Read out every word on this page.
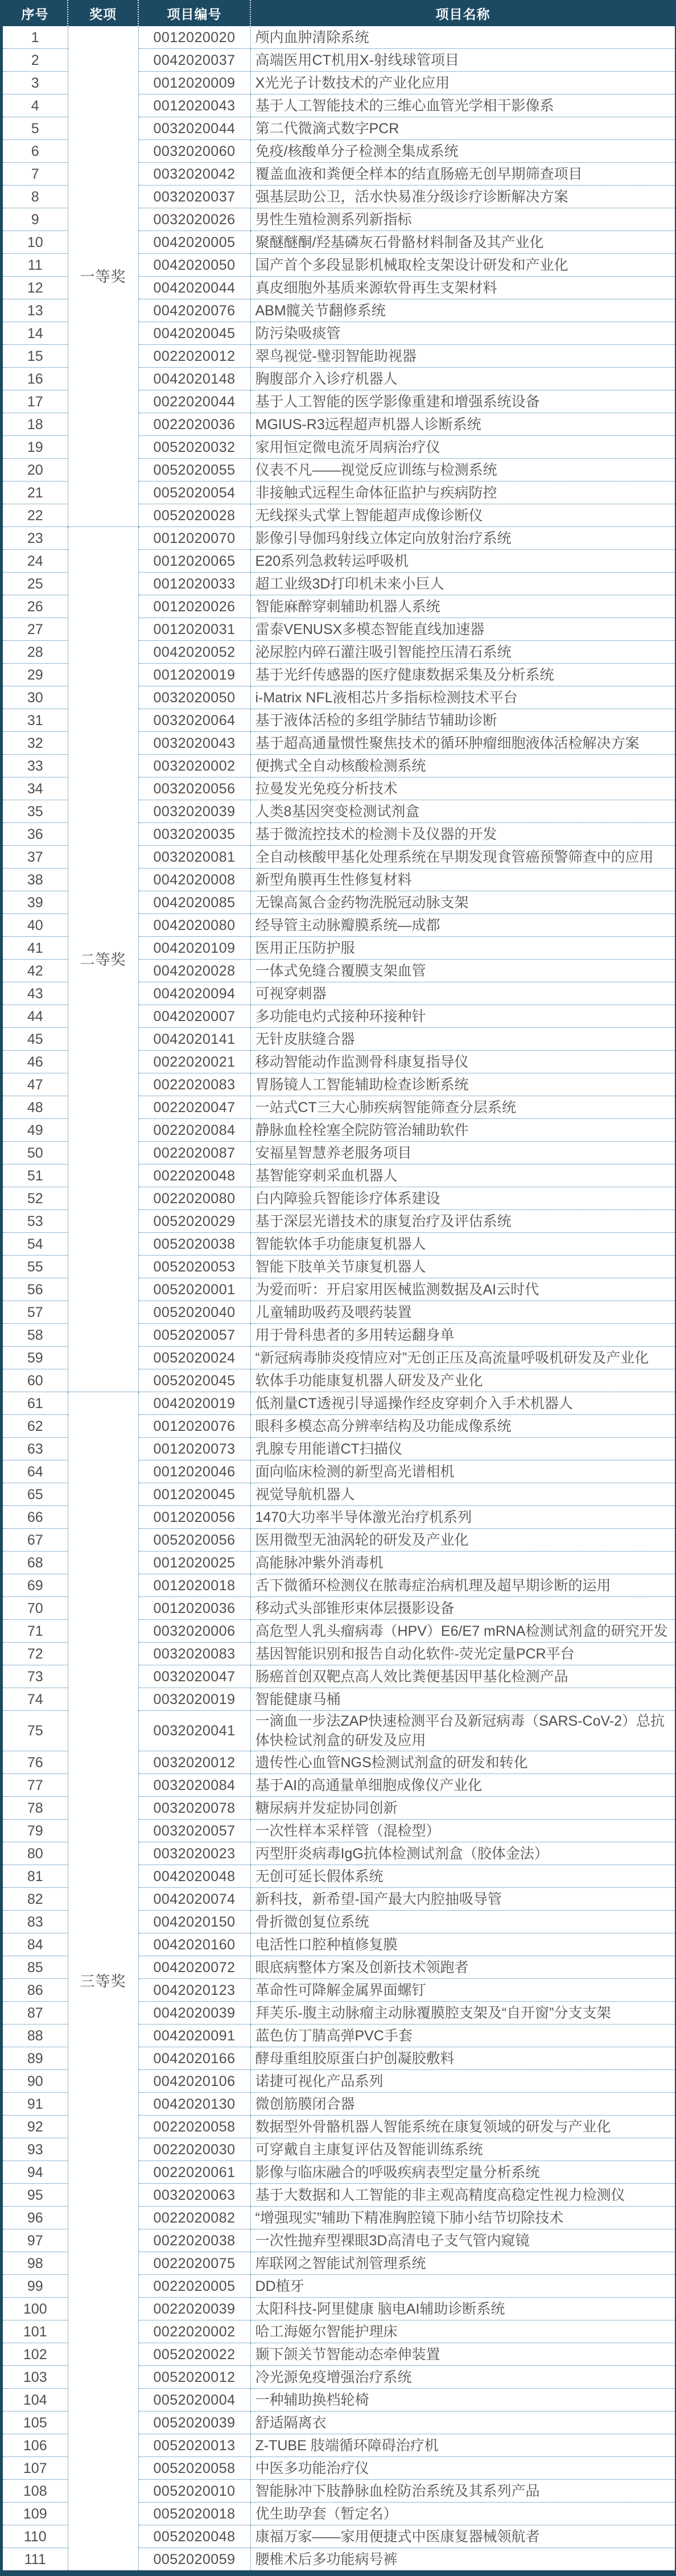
序号	奖项	项目编号	项目名称
1	一等奖	0012020020	颅内血肿清除系统
2		0042020037	高端医用CT机用X-射线球管项目
3		0012020009	X光光子计数技术的产业化应用
4		0012020043	基于人工智能技术的三维心血管光学相干影像系
5		0032020044	第二代微滴式数字PCR
6		0032020060	免疫/核酸单分子检测全集成系统
7		0032020042	覆盖血液和粪便全样本的结直肠癌无创早期筛查项目
8		0032020037	强基层助公卫，活水快易准分级诊疗诊断解决方案
9		0032020026	男性生殖检测系列新指标
10		0042020005	聚醚醚酮/羟基磷灰石骨骼材料制备及其产业化
11		0042020050	国产首个多段显影机械取栓支架设计研发和产业化
12		0042020044	真皮细胞外基质来源软骨再生支架材料
13		0042020076	ABM髋关节翻修系统
14		0042020045	防污染吸痰管
15		0022020012	翠鸟视觉-璧羽智能助视器
16		0042020148	胸腹部介入诊疗机器人
17		0022020044	基于人工智能的医学影像重建和增强系统设备
18		0022020036	MGIUS-R3远程超声机器人诊断系统
19		0052020032	家用恒定微电流牙周病治疗仪
20		0052020055	仪表不凡——视觉反应训练与检测系统
21		0052020054	非接触式远程生命体征监护与疾病防控
22		0052020028	无线探头式掌上智能超声成像诊断仪
23	二等奖	0012020070	影像引导伽玛射线立体定向放射治疗系统
24		0012020065	E20系列急救转运呼吸机
25		0012020033	超工业级3D打印机未来小巨人
26		0012020026	智能麻醉穿刺辅助机器人系统
27		0012020031	雷泰VENUSX多模态智能直线加速器
28		0042020052	泌尿腔内碎石灌注吸引智能控压清石系统
29		0012020019	基于光纤传感器的医疗健康数据采集及分析系统
30		0032020050	i-Matrix NFL液相芯片多指标检测技术平台
31		0032020064	基于液体活检的多组学肺结节辅助诊断
32		0032020043	基于超高通量惯性聚焦技术的循环肿瘤细胞液体活检解决方案
33		0032020002	便携式全自动核酸检测系统
34		0032020056	拉曼发光免疫分析技术
35		0032020039	人类8基因突变检测试剂盒
36		0032020035	基于微流控技术的检测卡及仪器的开发
37		0032020081	全自动核酸甲基化处理系统在早期发现食管癌预警筛查中的应用
38		0042020008	新型角膜再生性修复材料
39		0042020085	无镍高氮合金药物洗脱冠动脉支架
40		0042020080	经导管主动脉瓣膜系统—成都
41		0042020109	医用正压防护服
42		0042020028	一体式免缝合覆膜支架血管
43		0042020094	可视穿刺器
44		0042020007	多功能电灼式接种环接种针
45		0042020141	无针皮肤缝合器
46		0022020021	移动智能动作监测骨科康复指导仪
47		0022020083	胃肠镜人工智能辅助检查诊断系统
48		0022020047	一站式CT三大心肺疾病智能筛查分层系统
49		0022020084	静脉血栓栓塞全院防管治辅助软件
50		0022020087	安福星智慧养老服务项目
51		0022020048	基智能穿刺采血机器人
52		0022020080	白内障验兵智能诊疗体系建设
53		0052020029	基于深层光谱技术的康复治疗及评估系统
54		0052020038	智能软体手功能康复机器人
55		0052020053	智能下肢单关节康复机器人
56		0052020001	为爱而听：开启家用医械监测数据及AI云时代
57		0052020040	儿童辅助吸药及喂药装置
58		0052020057	用于骨科患者的多用转运翻身单
59		0052020024	“新冠病毒肺炎疫情应对”无创正压及高流量呼吸机研发及产业化
60		0052020045	软体手功能康复机器人研发及产业化
61	三等奖	0042020019	低剂量CT透视引导遥操作经皮穿刺介入手术机器人
62		0012020076	眼科多模态高分辨率结构及功能成像系统
63		0012020073	乳腺专用能谱CT扫描仪
64		0012020046	面向临床检测的新型高光谱相机
65		0012020045	视觉导航机器人
66		0012020056	1470大功率半导体激光治疗机系列
67		0052020056	医用微型无油涡轮的研发及产业化
68		0012020025	高能脉冲紫外消毒机
69		0012020018	舌下微循环检测仪在脓毒症治病机理及超早期诊断的运用
70		0012020036	移动式头部锥形束体层摄影设备
71		0032020006	高危型人乳头瘤病毒（HPV）E6/E7 mRNA检测试剂盒的研究开发
72		0032020083	基因智能识别和报告自动化软件-荧光定量PCR平台
73		0032020047	肠癌首创双靶点高人效比粪便基因甲基化检测产品
74		0032020019	智能健康马桶
75		0032020041	一滴血一步法ZAP快速检测平台及新冠病毒（SARS-CoV-2）总抗体快检试剂盒的研发及应用
76		0032020012	遗传性心血管NGS检测试剂盒的研发和转化
77		0032020084	基于AI的高通量单细胞成像仪产业化
78		0032020078	糖尿病并发症协同创新
79		0032020057	一次性样本采样管（混检型）
80		0032020023	丙型肝炎病毒IgG抗体检测试剂盒（胶体金法）
81		0042020048	无创可延长假体系统
82		0042020074	新科技，新希望-国产最大内腔抽吸导管
83		0042020150	骨折微创复位系统
84		0042020160	电活性口腔种植修复膜
85		0042020072	眼底病整体方案及创新技术领跑者
86		0042020123	革命性可降解金属界面螺钉
87		0042020039	拜芙乐-腹主动脉瘤主动脉覆膜腔支架及“自开窗”分支支架
88		0042020091	蓝色仿丁腈高弹PVC手套
89		0042020166	酵母重组胶原蛋白护创凝胶敷料
90		0042020106	诺捷可视化产品系列
91		0042020130	微创筋膜闭合器
92		0022020058	数据型外骨骼机器人智能系统在康复领域的研发与产业化
93		0022020030	可穿戴自主康复评估及智能训练系统
94		0022020061	影像与临床融合的呼吸疾病表型定量分析系统
95		0032020063	基于大数据和人工智能的非主观高精度高稳定性视力检测仪
96		0022020082	“增强现实”辅助下精准胸腔镜下肺小结节切除技术
97		0022020038	一次性抛弃型裸眼3D高清电子支气管内窥镜
98		0022020075	库联网之智能试剂管理系统
99		0022020005	DD植牙
100		0022020039	太阳科技-阿里健康 脑电AI辅助诊断系统
101		0022020002	哈工海姬尔智能护理床
102		0052020022	颞下颌关节智能动态牵伸装置
103		0052020012	冷光源免疫增强治疗系统
104		0052020004	一种辅助换档轮椅
105		0052020039	舒适隔离衣
106		0052020013	Z-TUBE 肢端循环障碍治疗机
107		0052020058	中医多功能治疗仪
108		0052020010	智能脉冲下肢静脉血栓防治系统及其系列产品
109		0052020018	优生助孕套（暂定名）
110		0052020048	康福万家——家用便捷式中医康复器械领航者
111		0052020059	腰椎术后多功能病号裤
